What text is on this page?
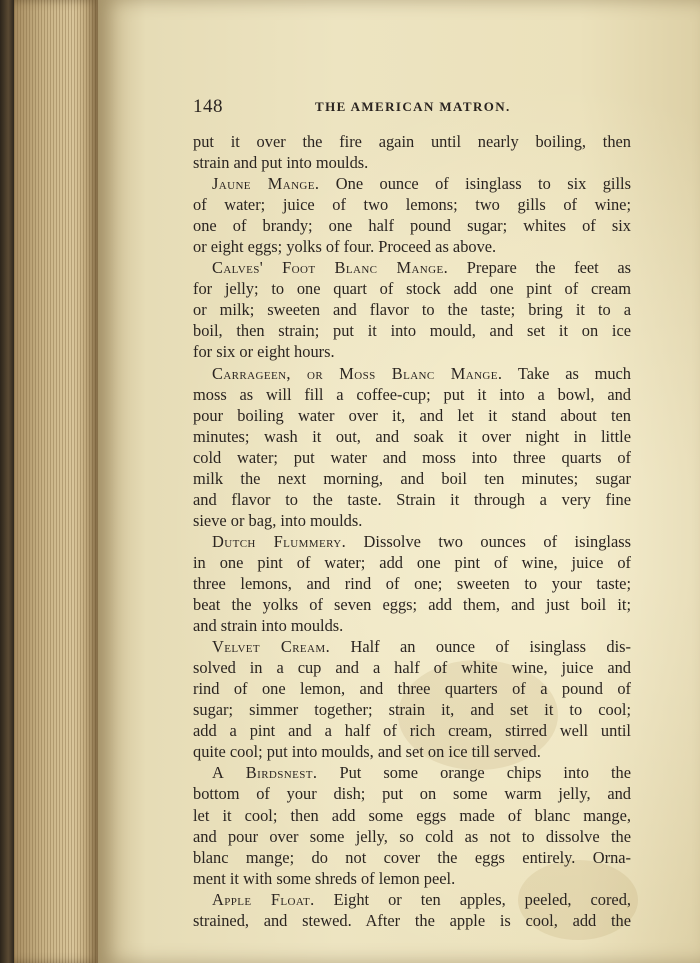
148	THE AMERICAN MATRON.
put it over the fire again until nearly boiling, then
strain and put into moulds.
Jaune Mange. One ounce of isinglass to six gills
of water; juice of two lemons; two gills of wine;
one of brandy; one half pound sugar; whites of six
or eight eggs; yolks of four. Proceed as above.
Calves' Foot Blanc Mange. Prepare the feet as
for jelly; to one quart of stock add one pint of cream
or milk; sweeten and flavor to the taste; bring it to a
boil, then strain; put it into mould, and set it on ice
for six or eight hours.
Carrageen, or Moss Blanc Mange. Take as much
moss as will fill a coffee-cup; put it into a bowl, and
pour boiling water over it, and let it stand about ten
minutes; wash it out, and soak it over night in little
cold water; put water and moss into three quarts of
milk the next morning, and boil ten minutes; sugar
and flavor to the taste. Strain it through a very fine
sieve or bag, into moulds.
Dutch Flummery. Dissolve two ounces of isinglass
in one pint of water; add one pint of wine, juice of
three lemons, and rind of one; sweeten to your taste;
beat the yolks of seven eggs; add them, and just boil it;
and strain into moulds.
Velvet Cream. Half an ounce of isinglass dis-
solved in a cup and a half of white wine, juice and
rind of one lemon, and three quarters of a pound of
sugar; simmer together; strain it, and set it to cool;
add a pint and a half of rich cream, stirred well until
quite cool; put into moulds, and set on ice till served.
A Birdsnest. Put some orange chips into the
bottom of your dish; put on some warm jelly, and
let it cool; then add some eggs made of blanc mange,
and pour over some jelly, so cold as not to dissolve the
blanc mange; do not cover the eggs entirely. Orna-
ment it with some shreds of lemon peel.
Apple Float. Eight or ten apples, peeled, cored,
strained, and stewed. After the apple is cool, add the
